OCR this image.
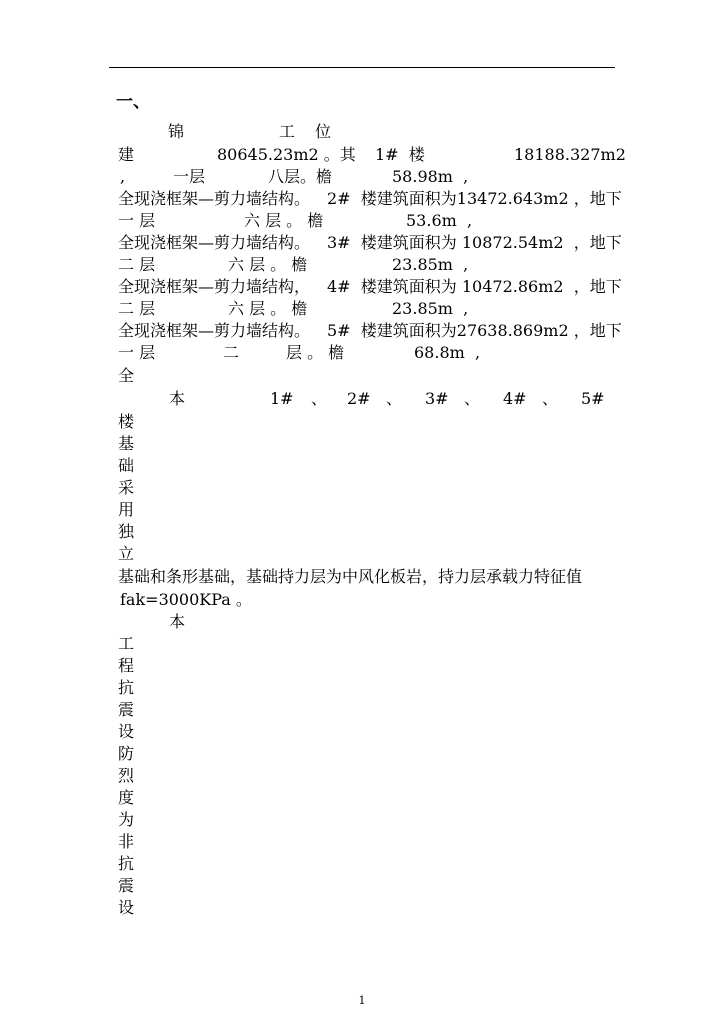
一、
锦	工 位
建	80645.23m2 。其 1#  楼	18188.327m2
,	一层	八层。檐	58.98m  ,
全现浇框架—剪力墙结构。 2#  楼建筑面积为13472.643m2 ，地下
一 层	六 层 。 檐	53.6m  ,
全现浇框架—剪力墙结构。 3#  楼建筑面积为 10872.54m2  ，地下
二 层	六 层 。 檐	23.85m  ,
全现浇框架—剪力墙结构， 4#  楼建筑面积为 10472.86m2  ，地下
二 层	六 层 。 檐	23.85m  ,
全现浇框架—剪力墙结构。 5#  楼建筑面积为27638.869m2 ，地下
一 层	二	层 。 檐	68.8m  ,
全
本	1# 、 2# 、 3# 、 4# 、 5#
楼
基
础
采
用
独
立
基础和条形基础，基础持力层为中风化板岩，持力层承载力特征值
fak=3000KPa 。
本
工
程
抗
震
设
防
烈
度
为
非
抗
震
设
1
